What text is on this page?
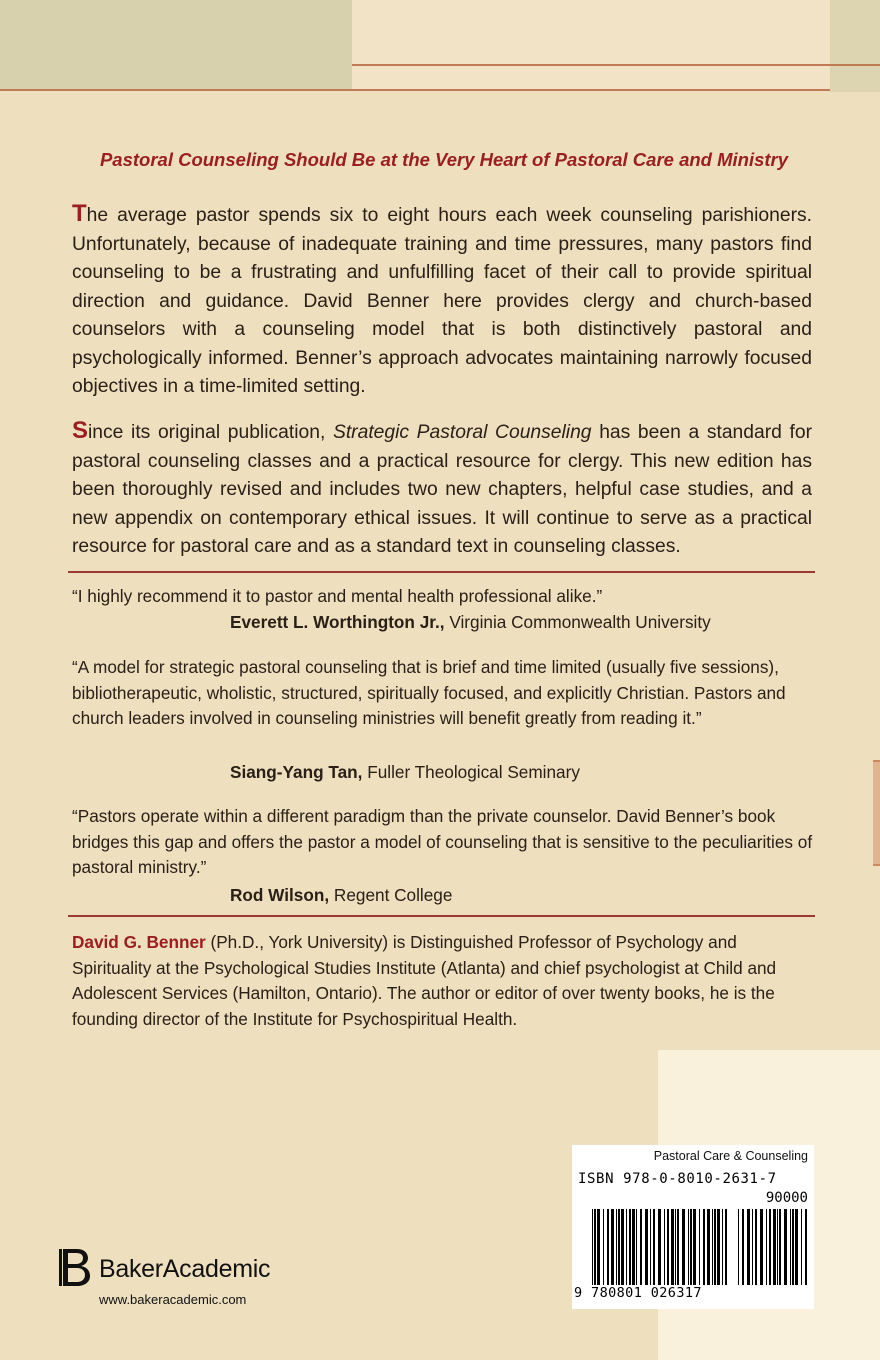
Pastoral Counseling Should Be at the Very Heart of Pastoral Care and Ministry

The average pastor spends six to eight hours each week counseling parishioners. Unfortunately, because of inadequate training and time pressures, many pastors find counseling to be a frustrating and unfulfilling facet of their call to provide spiritual direction and guidance. David Benner here provides clergy and church-based counselors with a counseling model that is both distinctively pastoral and psychologically informed. Benner’s approach advocates maintaining narrowly focused objectives in a time-limited setting.

Since its original publication, Strategic Pastoral Counseling has been a standard for pastoral counseling classes and a practical resource for clergy. This new edition has been thoroughly revised and includes two new chapters, helpful case studies, and a new appendix on contemporary ethical issues. It will continue to serve as a practical resource for pastoral care and as a standard text in counseling classes.

“I highly recommend it to pastor and mental health professional alike.”

Everett L. Worthington Jr., Virginia Commonwealth University

“A model for strategic pastoral counseling that is brief and time limited (usually five sessions), bibliotherapeutic, wholistic, structured, spiritually focused, and explicitly Christian. Pastors and church leaders involved in counseling ministries will benefit greatly from reading it.”

Siang-Yang Tan, Fuller Theological Seminary

“Pastors operate within a different paradigm than the private counselor. David Benner’s book bridges this gap and offers the pastor a model of counseling that is sensitive to the peculiarities of pastoral ministry.”

Rod Wilson, Regent College

David G. Benner (Ph.D., York University) is Distinguished Professor of Psychology and Spirituality at the Psychological Studies Institute (Atlanta) and chief psychologist at Child and Adolescent Services (Hamilton, Ontario). The author or editor of over twenty books, he is the founding director of the Institute for Psychospiritual Health.

Pastoral Care & Counseling
ISBN 978-0-8010-2631-7
90000
9 780801 026317
BakerAcademic
www.bakeracademic.com
